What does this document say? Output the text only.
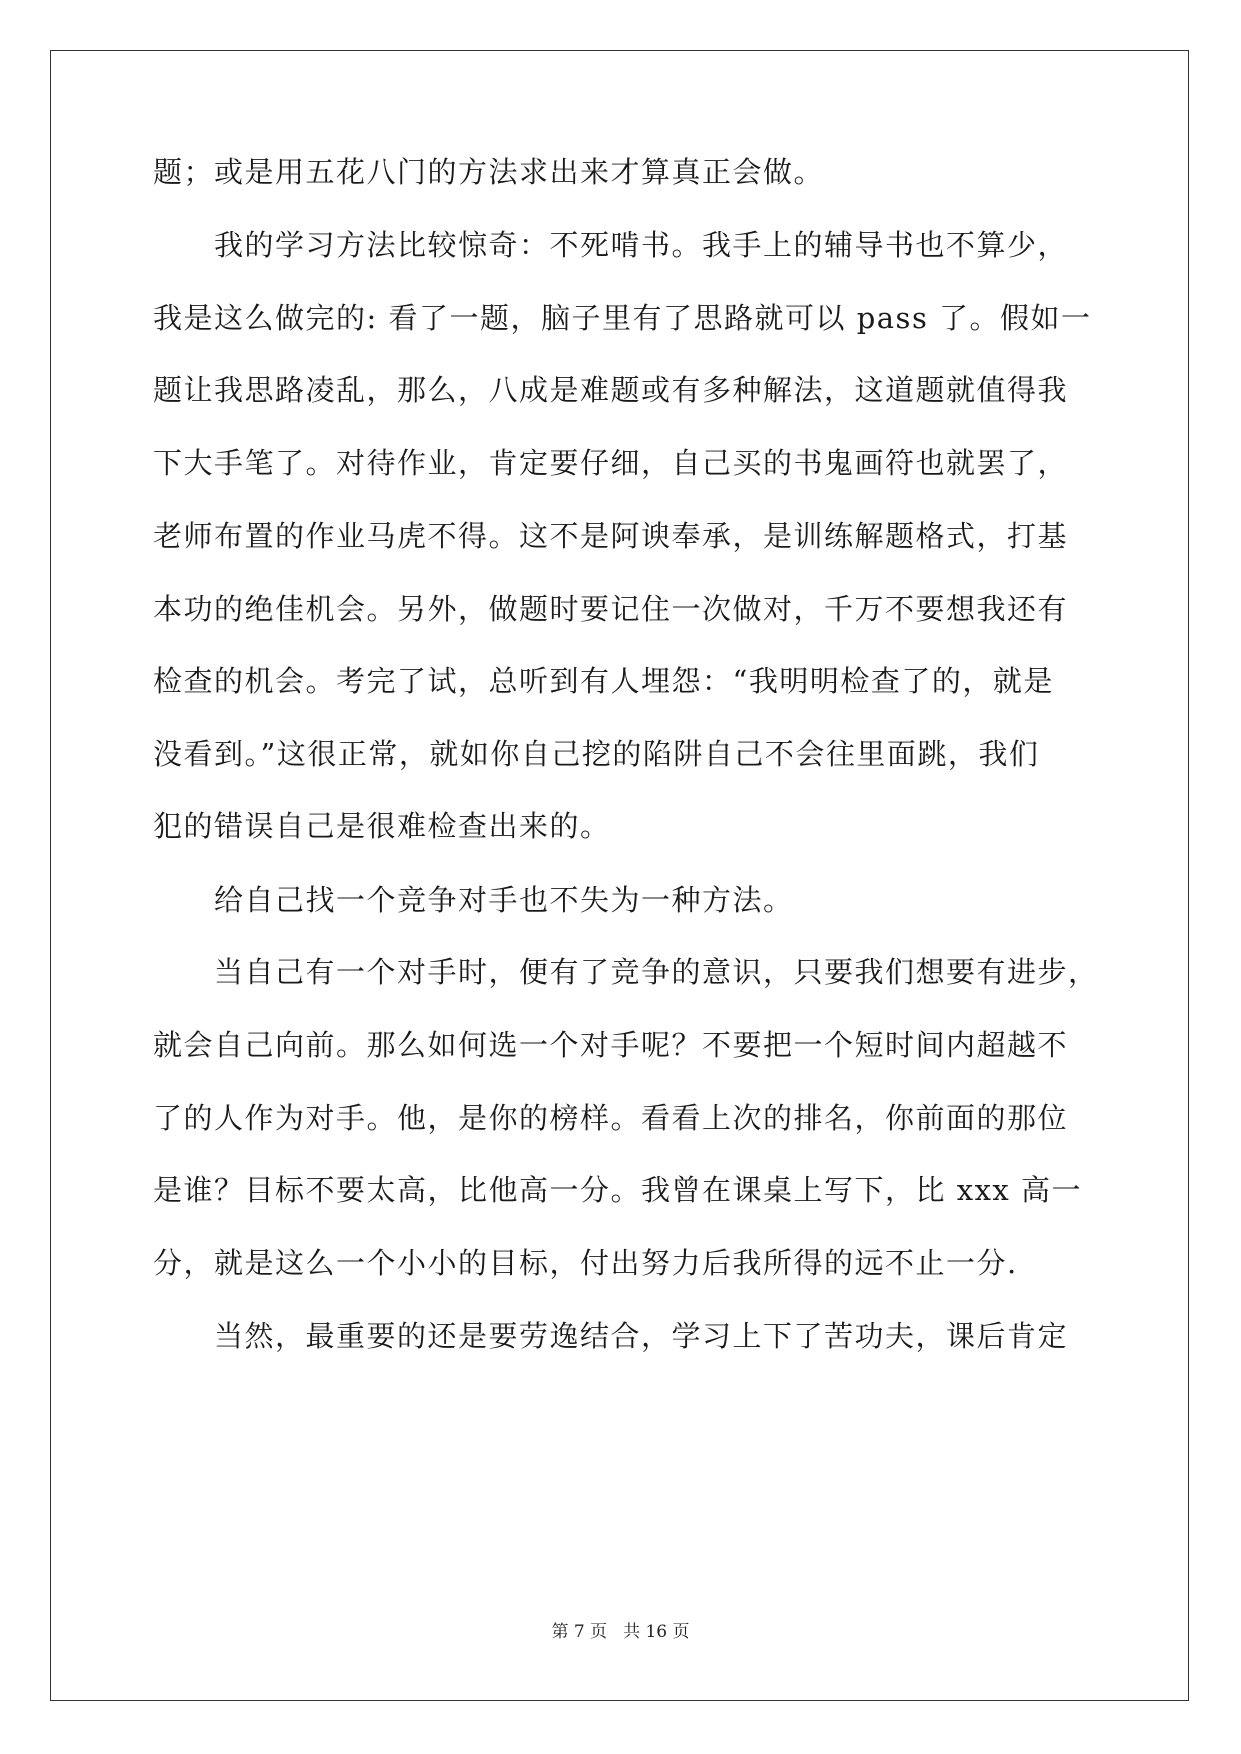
题；或是用五花八门的方法求出来才算真正会做。
我的学习方法比较惊奇：不死啃书。我手上的辅导书也不算少，
我是这么做完的: 看了一题，脑子里有了思路就可以 pass 了。假如一
题让我思路凌乱，那么，八成是难题或有多种解法，这道题就值得我
下大手笔了。对待作业，肯定要仔细，自己买的书鬼画符也就罢了，
老师布置的作业马虎不得。这不是阿谀奉承，是训练解题格式，打基
本功的绝佳机会。另外，做题时要记住一次做对，千万不要想我还有
检查的机会。考完了试，总听到有人埋怨：“我明明检查了的，就是
没看到。”这很正常，就如你自己挖的陷阱自己不会往里面跳，我们
犯的错误自己是很难检查出来的。
给自己找一个竞争对手也不失为一种方法。
当自己有一个对手时，便有了竞争的意识，只要我们想要有进步，
就会自己向前。那么如何选一个对手呢？不要把一个短时间内超越不
了的人作为对手。他，是你的榜样。看看上次的排名，你前面的那位
是谁？目标不要太高，比他高一分。我曾在课桌上写下，比 xxx 高一
分，就是这么一个小小的目标，付出努力后我所得的远不止一分.
当然，最重要的还是要劳逸结合，学习上下了苦功夫，课后肯定
第 7 页 共 16 页
